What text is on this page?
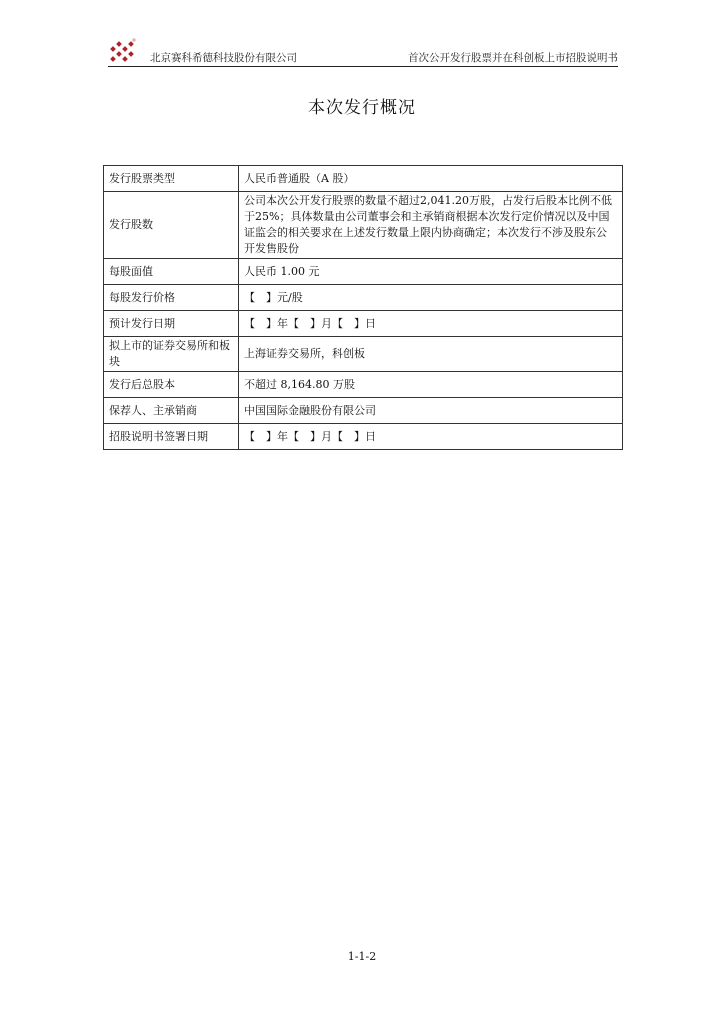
北京赛科希德科技股份有限公司	首次公开发行股票并在科创板上市招股说明书
本次发行概况
发行股票类型	人民币普通股（A 股）
发行股数	公司本次公开发行股票的数量不超过2,041.20万股，占发行后股本比例不低于25%；具体数量由公司董事会和主承销商根据本次发行定价情况以及中国证监会的相关要求在上述发行数量上限内协商确定；本次发行不涉及股东公开发售股份
每股面值	人民币 1.00 元
每股发行价格	【　】元/股
预计发行日期	【　】年【　】月【　】日
拟上市的证券交易所和板块	上海证券交易所，科创板
发行后总股本	不超过 8,164.80 万股
保荐人、主承销商	中国国际金融股份有限公司
招股说明书签署日期	【　】年【　】月【　】日
1-1-2
